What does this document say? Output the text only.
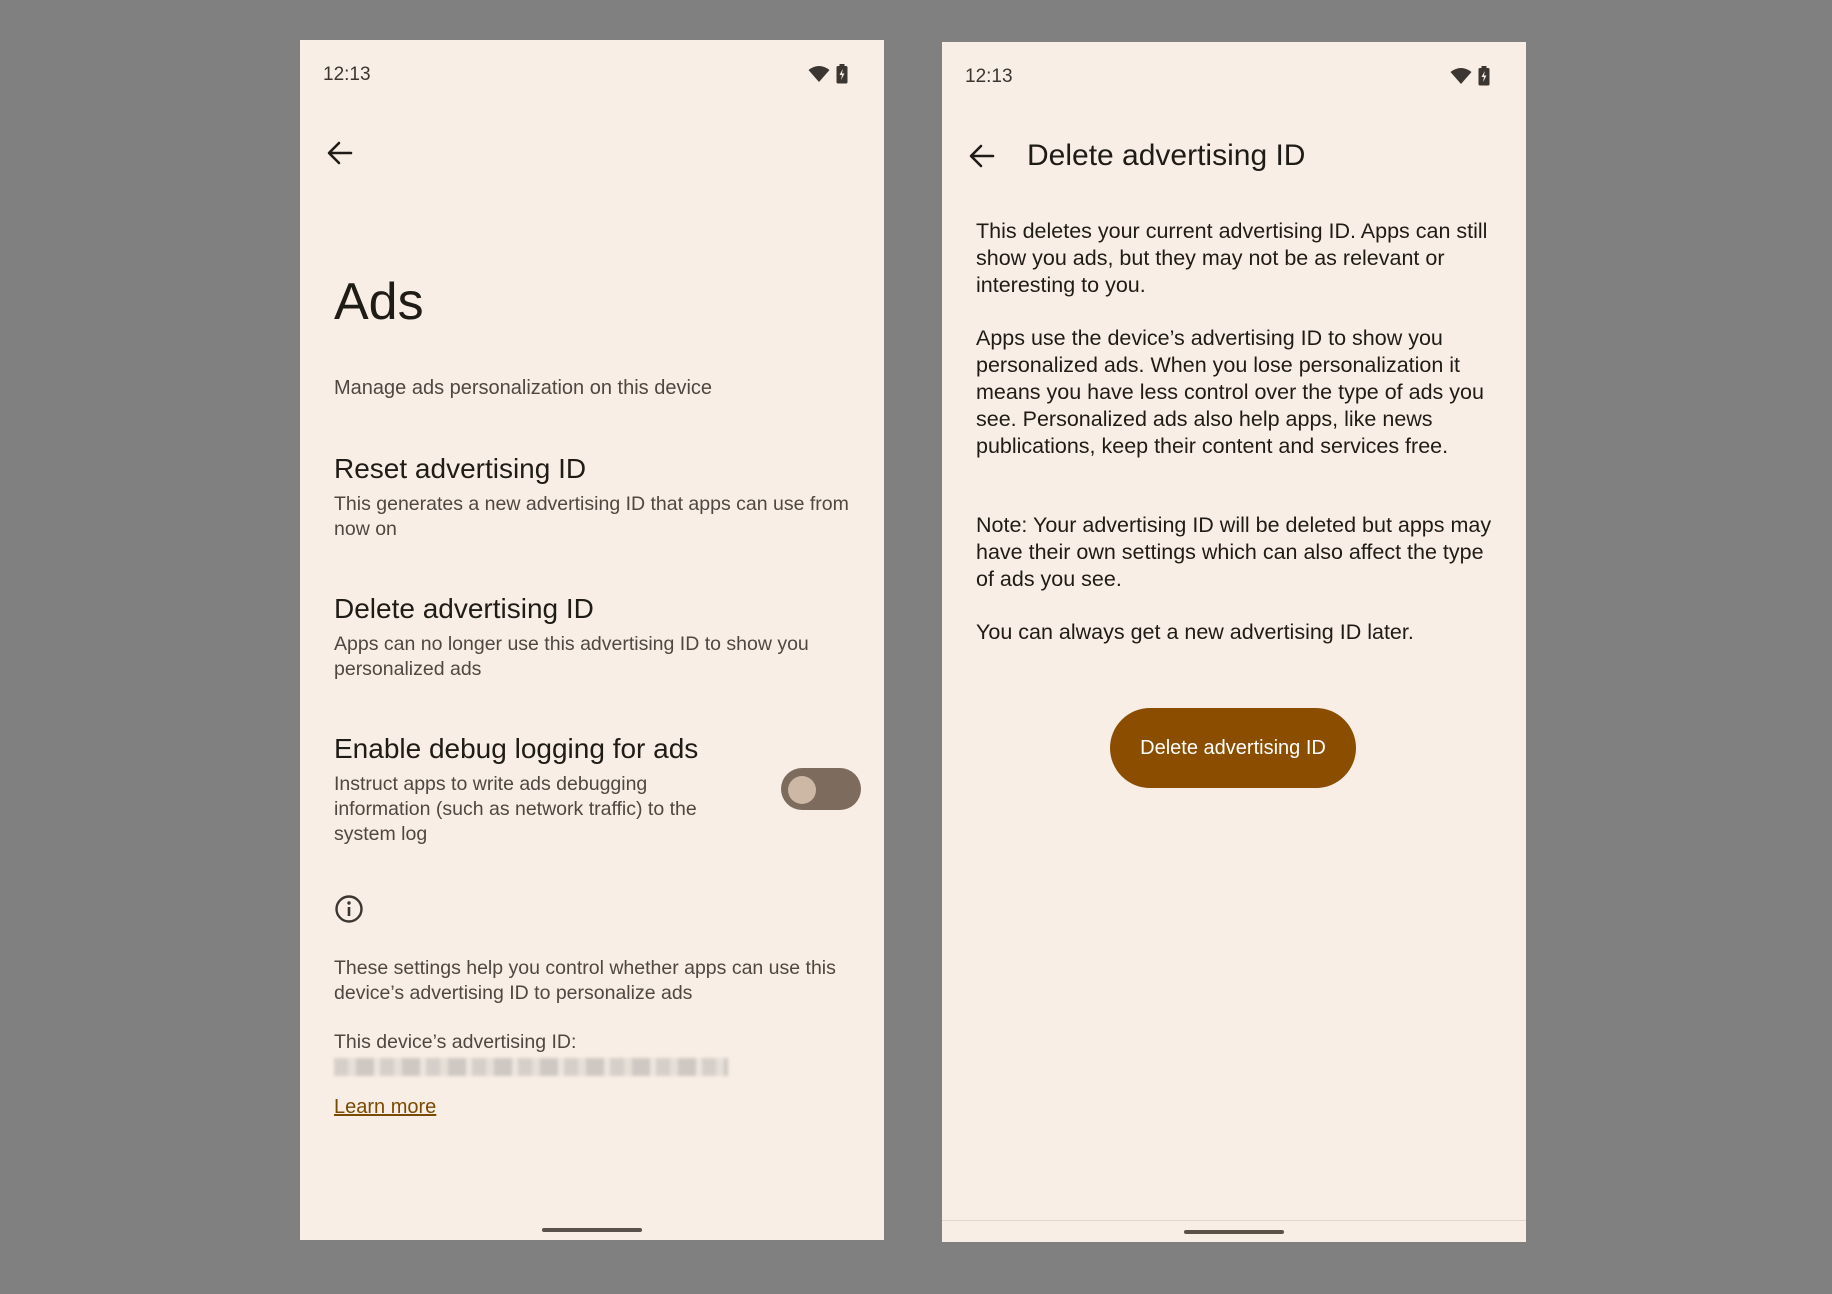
12:13
Ads
Manage ads personalization on this device
Reset advertising ID
This generates a new advertising ID that apps can use from now on
Delete advertising ID
Apps can no longer use this advertising ID to show you personalized ads
Enable debug logging for ads
Instruct apps to write ads debugging information (such as network traffic) to the system log
These settings help you control whether apps can use this device’s advertising ID to personalize ads
This device’s advertising ID:
Learn more
12:13
Delete advertising ID
This deletes your current advertising ID. Apps can still show you ads, but they may not be as relevant or interesting to you.
Apps use the device’s advertising ID to show you personalized ads. When you lose personalization it means you have less control over the type of ads you see. Personalized ads also help apps, like news publications, keep their content and services free.
Note: Your advertising ID will be deleted but apps may have their own settings which can also affect the type of ads you see.
You can always get a new advertising ID later.
Delete advertising ID
